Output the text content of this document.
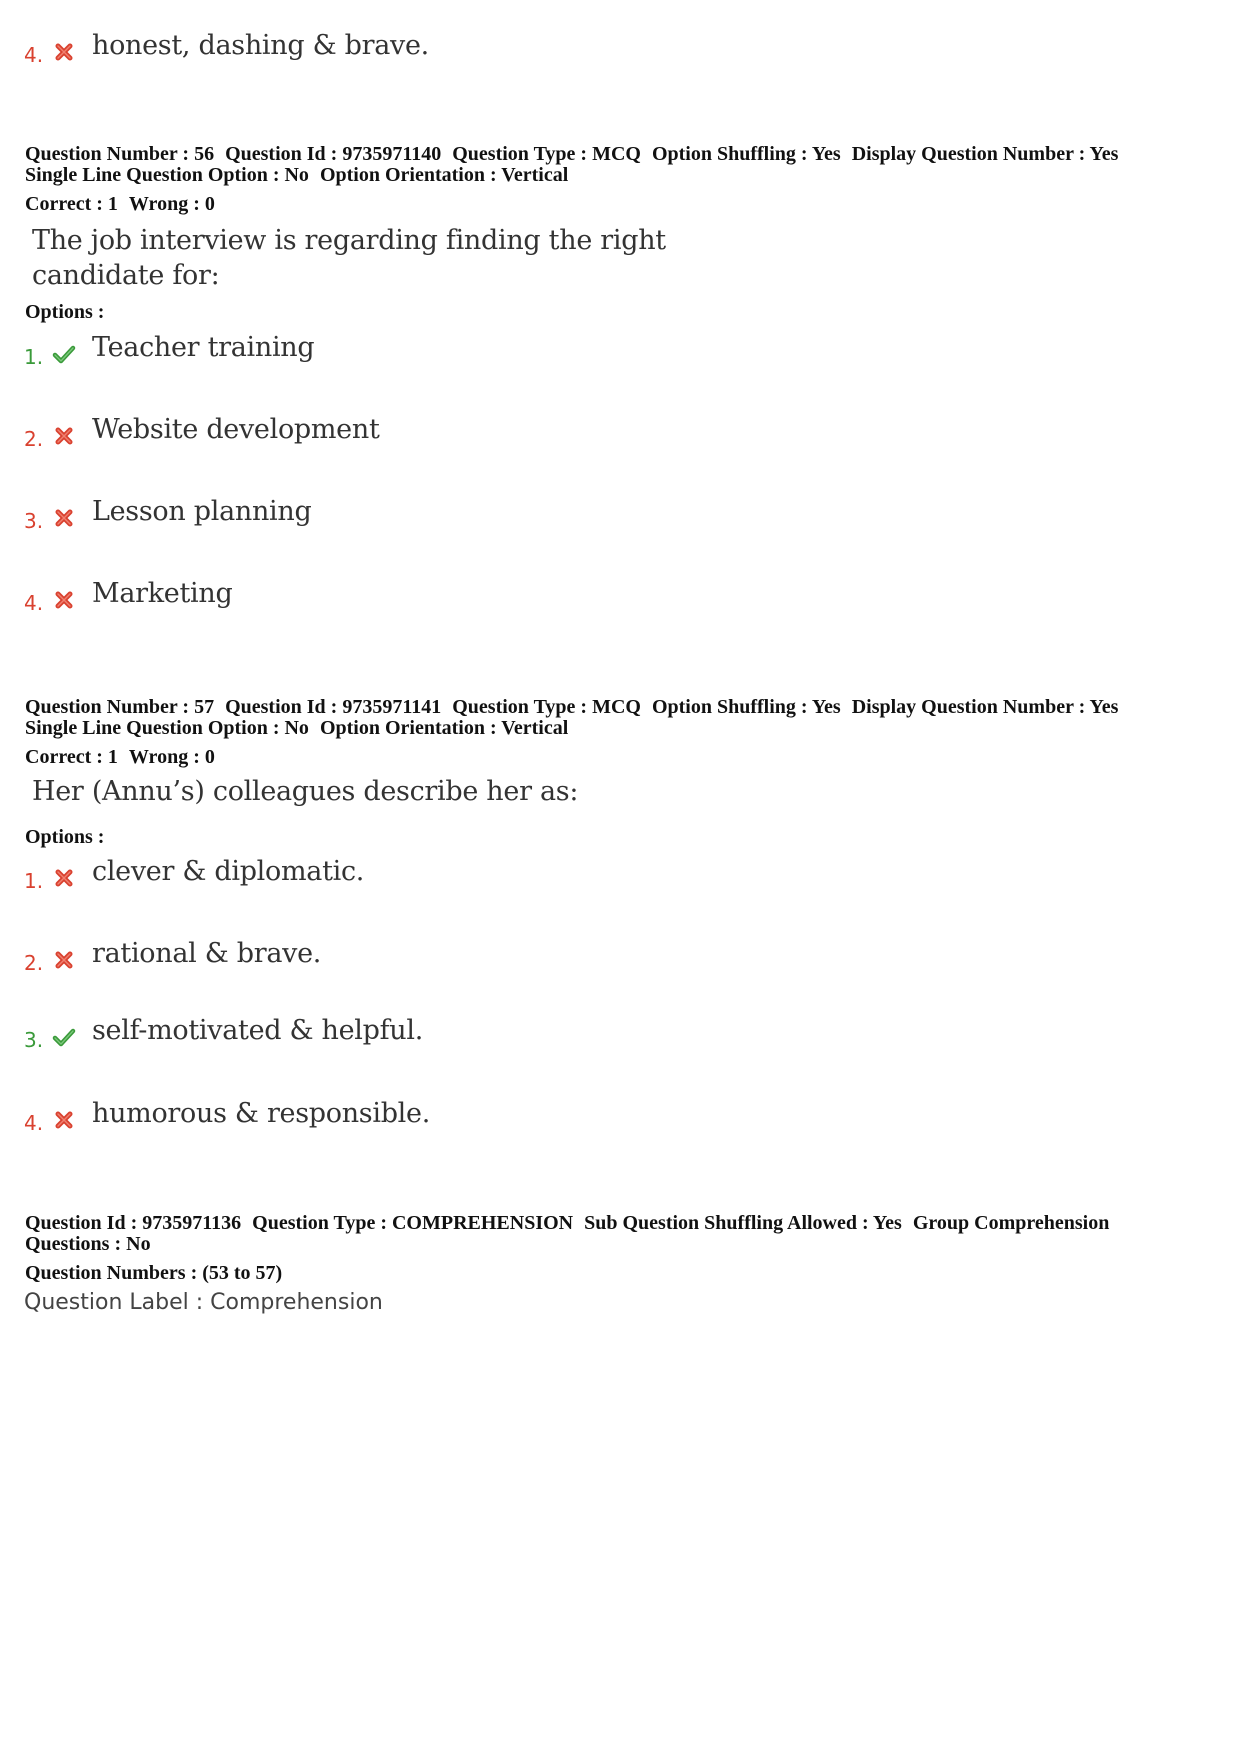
4. honest, dashing & brave.
Question Number : 56 Question Id : 9735971140 Question Type : MCQ Option Shuffling : Yes Display Question Number : Yes
Single Line Question Option : No Option Orientation : Vertical
Correct : 1 Wrong : 0
The job interview is regarding finding the right
candidate for:
Options :
1. Teacher training
2. Website development
3. Lesson planning
4. Marketing
Question Number : 57 Question Id : 9735971141 Question Type : MCQ Option Shuffling : Yes Display Question Number : Yes
Single Line Question Option : No Option Orientation : Vertical
Correct : 1 Wrong : 0
Her (Annu’s) colleagues describe her as:
Options :
1. clever & diplomatic.
2. rational & brave.
3. self-motivated & helpful.
4. humorous & responsible.
Question Id : 9735971136 Question Type : COMPREHENSION Sub Question Shuffling Allowed : Yes Group Comprehension
Questions : No
Question Numbers : (53 to 57)
Question Label : Comprehension
